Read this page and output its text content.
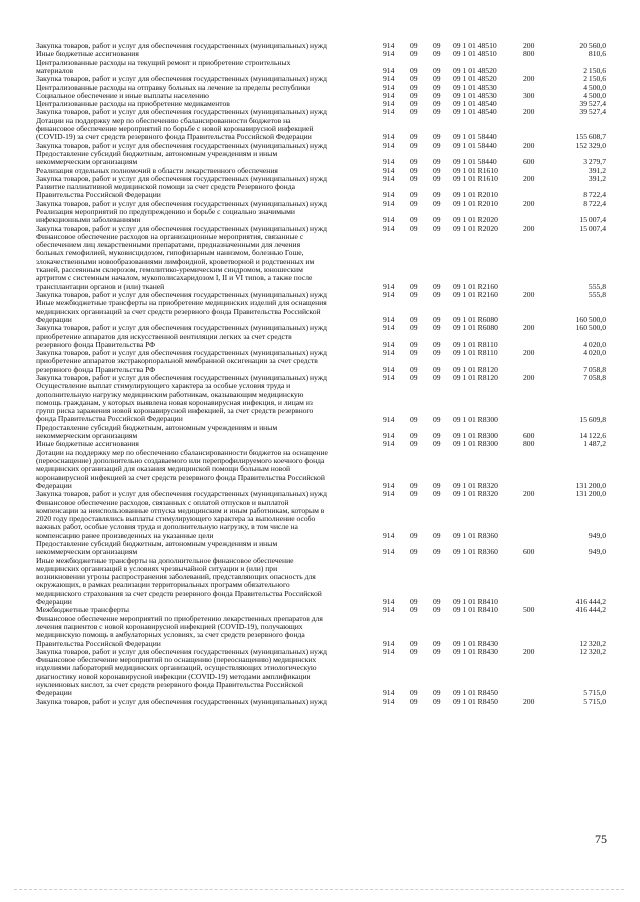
Закупка товаров, работ и услуг для обеспечения государственных (муниципальных) нужд	914 09 09 09 1 01 48510	200	20 560,0
Иные бюджетные ассигнования	914 09 09 09 1 01 48510	800	810,6
Централизованные расходы на текущий ремонт и приобретение строительных
материалов	914 09 09 09 1 01 48520	2 150,6
Закупка товаров, работ и услуг для обеспечения государственных (муниципальных) нужд	914 09 09 09 1 01 48520	200	2 150,6
Централизованные расходы на отправку больных на лечение за пределы республики	914 09 09 09 1 01 48530	4 500,0
Социальное обеспечение и иные выплаты населению	914 09 09 09 1 01 48530	300	4 500,0
Централизованные расходы на приобретение медикаментов	914 09 09 09 1 01 48540	39 527,4
Закупка товаров, работ и услуг для обеспечения государственных (муниципальных) нужд	914 09 09 09 1 01 48540	200	39 527,4
Дотации на поддержку мер по обеспечению сбалансированности бюджетов на
финансовое обеспечение мероприятий по борьбе с новой коронавирусной инфекцией
(COVID-19) за счет средств резервного фонда Правительства Российской Федерации	914 09 09 09 1 01 58440	155 608,7
Закупка товаров, работ и услуг для обеспечения государственных (муниципальных) нужд	914 09 09 09 1 01 58440	200	152 329,0
Предоставление субсидий бюджетным, автономным учреждениям и иным
некоммерческим организациям	914 09 09 09 1 01 58440	600	3 279,7
Реализация отдельных полномочий в области лекарственного обеспечения	914 09 09 09 1 01 R1610	391,2
Закупка товаров, работ и услуг для обеспечения государственных (муниципальных) нужд	914 09 09 09 1 01 R1610	200	391,2
Развитие паллиативной медицинской помощи за счет средств Резервного фонда
Правительства Российской Федерации	914 09 09 09 1 01 R2010	8 722,4
Закупка товаров, работ и услуг для обеспечения государственных (муниципальных) нужд	914 09 09 09 1 01 R2010	200	8 722,4
Реализация мероприятий по предупреждению и борьбе с социально значимыми
инфекционными заболеваниями	914 09 09 09 1 01 R2020	15 007,4
Закупка товаров, работ и услуг для обеспечения государственных (муниципальных) нужд	914 09 09 09 1 01 R2020	200	15 007,4
Финансовое обеспечение расходов на организационные мероприятия, связанные с
обеспечением лиц лекарственными препаратами, предназначенными для лечения
больных гемофилией, муковисцидозом, гипофизарным нанизмом, болезнью Гоше,
злокачественными новообразованиями лимфоидной, кроветворной и родственных им
тканей, рассеянным склерозом, гемолитико-уремическим синдромом, юношеским
артритом с системным началом, мукополисахаридозом I, II и VI типов, а также после
трансплантации органов и (или) тканей	914 09 09 09 1 01 R2160	555,8
Закупка товаров, работ и услуг для обеспечения государственных (муниципальных) нужд	914 09 09 09 1 01 R2160	200	555,8
Иные межбюджетные трансферты на приобретение медицинских изделий для оснащения
медицинских организаций за счет средств резервного фонда Правительства Российской
Федерации	914 09 09 09 1 01 R6080	160 500,0
Закупка товаров, работ и услуг для обеспечения государственных (муниципальных) нужд	914 09 09 09 1 01 R6080	200	160 500,0
приобретение аппаратов для искусственной вентиляции легких за счет средств
резервного фонда Правительства РФ	914 09 09 09 1 01 R8110	4 020,0
Закупка товаров, работ и услуг для обеспечения государственных (муниципальных) нужд	914 09 09 09 1 01 R8110	200	4 020,0
приобретение аппаратов экстракорпоральной мембранной оксигенации за счет средств
резервного фонда Правительства РФ	914 09 09 09 1 01 R8120	7 058,8
Закупка товаров, работ и услуг для обеспечения государственных (муниципальных) нужд	914 09 09 09 1 01 R8120	200	7 058,8
Осуществление выплат стимулирующего характера за особые условия труда и
дополнительную нагрузку медицинским работникам, оказывающим медицинскую
помощь гражданам, у которых выявлена новая коронавирусная инфекция, и лицам из
групп риска заражения новой коронавирусной инфекцией, за счет средств резервного
фонда Правительства Российской Федерации	914 09 09 09 1 01 R8300	15 609,8
Предоставление субсидий бюджетным, автономным учреждениям и иным
некоммерческим организациям	914 09 09 09 1 01 R8300	600	14 122,6
Иные бюджетные ассигнования	914 09 09 09 1 01 R8300	800	1 487,2
Дотации на поддержку мер по обеспечению сбалансированности бюджетов на оснащение
(переоснащение) дополнительно создаваемого или перепрофилируемого коечного фонда
медицинских организаций для оказания медицинской помощи больным новой
коронавирусной инфекцией за счет средств резервного фонда Правительства Российской
Федерации	914 09 09 09 1 01 R8320	131 200,0
Закупка товаров, работ и услуг для обеспечения государственных (муниципальных) нужд	914 09 09 09 1 01 R8320	200	131 200,0
Финансовое обеспечение расходов, связанных с оплатой отпусков и выплатой
компенсации за неиспользованные отпуска медицинским и иным работникам, которым в
2020 году предоставлялись выплаты стимулирующего характера за выполнение особо
важных работ, особые условия труда и дополнительную нагрузку, в том числе на
компенсацию ранее произведенных на указанные цели	914 09 09 09 1 01 R8360	949,0
Предоставление субсидий бюджетным, автономным учреждениям и иным
некоммерческим организациям	914 09 09 09 1 01 R8360	600	949,0
Иные межбюджетные трансферты на дополнительное финансовое обеспечение
медицинских организаций в условиях чрезвычайной ситуации и (или) при
возникновении угрозы распространения заболеваний, представляющих опасность для
окружающих, в рамках реализации территориальных программ обязательного
медицинского страхования за счет средств резервного фонда Правительства Российской
Федерации	914 09 09 09 1 01 R8410	416 444,2
Межбюджетные трансферты	914 09 09 09 1 01 R8410	500	416 444,2
Финансовое обеспечение мероприятий по приобретению лекарственных препаратов для
лечения пациентов с новой коронавирусной инфекцией (COVID-19), получающих
медицинскую помощь в амбулаторных условиях, за счет средств резервного фонда
Правительства Российской Федерации	914 09 09 09 1 01 R8430	12 320,2
Закупка товаров, работ и услуг для обеспечения государственных (муниципальных) нужд	914 09 09 09 1 01 R8430	200	12 320,2
Финансовое обеспечение мероприятий по оснащению (переоснащению) медицинских
изделиями лабораторий медицинских организаций, осуществляющих этиологическую
диагностику новой коронавирусной инфекции (COVID-19) методами амплификации
нуклеиновых кислот, за счет средств резервного фонда Правительства Российской
Федерации	914 09 09 09 1 01 R8450	5 715,0
Закупка товаров, работ и услуг для обеспечения государственных (муниципальных) нужд	914 09 09 09 1 01 R8450	200	5 715,0
75
